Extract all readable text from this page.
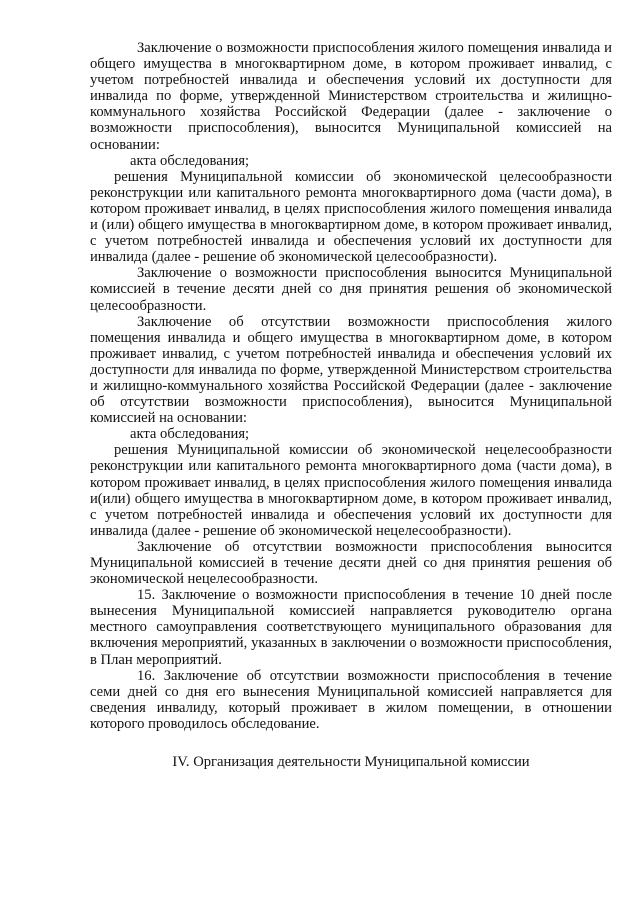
Заключение о возможности приспособления жилого помещения инвалида и общего имущества в многоквартирном доме, в котором проживает инвалид, с учетом потребностей инвалида и обеспечения условий их доступности для инвалида по форме, утвержденной Министерством строительства и жилищно-коммунального хозяйства Российской Федерации (далее - заключение о возможности приспособления), выносится Муниципальной комиссией на основании:

акта обследования;

решения Муниципальной комиссии об экономической целесообразности реконструкции или капитального ремонта многоквартирного дома (части дома), в котором проживает инвалид, в целях приспособления жилого помещения инвалида и (или) общего имущества в многоквартирном доме, в котором проживает инвалид, с учетом потребностей инвалида и обеспечения условий их доступности для инвалида (далее - решение об экономической целесообразности).

Заключение о возможности приспособления выносится Муниципальной комиссией в течение десяти дней со дня принятия решения об экономической целесообразности.

Заключение об отсутствии возможности приспособления жилого помещения инвалида и общего имущества в многоквартирном доме, в котором проживает инвалид, с учетом потребностей инвалида и обеспечения условий их доступности для инвалида по форме, утвержденной Министерством строительства и жилищно-коммунального хозяйства Российской Федерации (далее - заключение об отсутствии возможности приспособления), выносится Муниципальной комиссией на основании:

акта обследования;

решения Муниципальной комиссии об экономической нецелесообразности реконструкции или капитального ремонта многоквартирного дома (части дома), в котором проживает инвалид, в целях приспособления жилого помещения инвалида и(или) общего имущества в многоквартирном доме, в котором проживает инвалид, с учетом потребностей инвалида и обеспечения условий их доступности для инвалида (далее - решение об экономической нецелесообразности).

Заключение об отсутствии возможности приспособления выносится Муниципальной комиссией в течение десяти дней со дня принятия решения об экономической нецелесообразности.

15. Заключение о возможности приспособления в течение 10 дней после вынесения Муниципальной комиссией направляется руководителю органа местного самоуправления соответствующего муниципального образования для включения мероприятий, указанных в заключении о возможности приспособления, в План мероприятий.

16. Заключение об отсутствии возможности приспособления в течение семи дней со дня его вынесения Муниципальной комиссией направляется для сведения инвалиду, который проживает в жилом помещении, в отношении которого проводилось обследование.

IV. Организация деятельности Муниципальной комиссии
